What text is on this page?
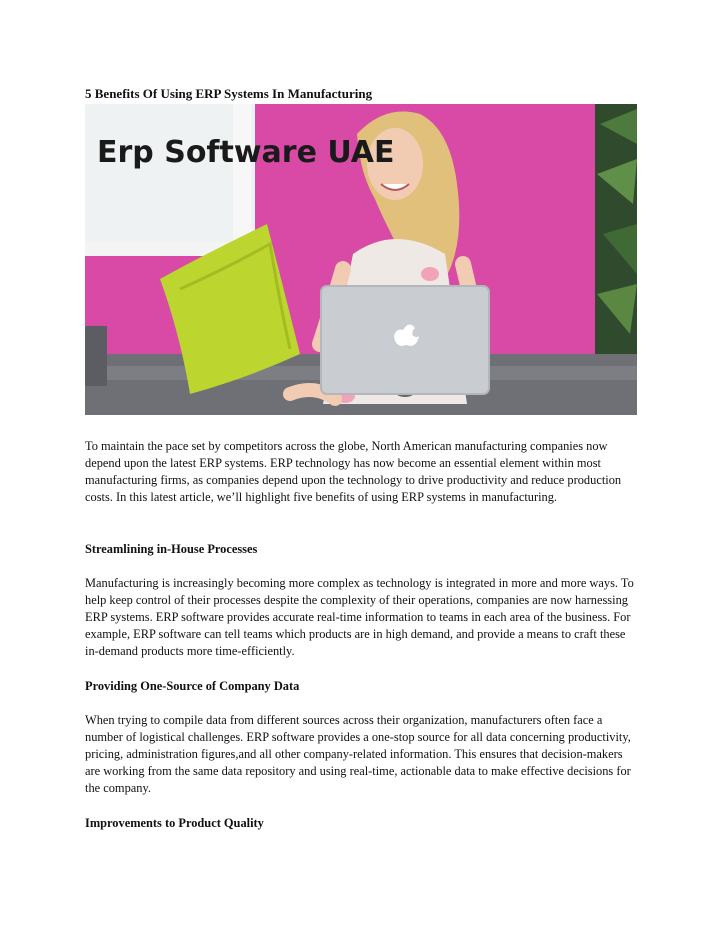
5 Benefits Of Using ERP Systems In Manufacturing
Erp Software UAE
To maintain the pace set by competitors across the globe, North American manufacturing companies now depend upon the latest ERP systems. ERP technology has now become an essential element within most manufacturing firms, as companies depend upon the technology to drive productivity and reduce production costs. In this latest article, we’ll highlight five benefits of using ERP systems in manufacturing.
Streamlining in-House Processes
Manufacturing is increasingly becoming more complex as technology is integrated in more and more ways. To help keep control of their processes despite the complexity of their operations, companies are now harnessing ERP systems. ERP software provides accurate real-time information to teams in each area of the business. For example, ERP software can tell teams which products are in high demand, and provide a means to craft these in-demand products more time-efficiently.
Providing One-Source of Company Data
When trying to compile data from different sources across their organization, manufacturers often face a number of logistical challenges. ERP software provides a one-stop source for all data concerning productivity, pricing, administration figures,and all other company-related information. This ensures that decision-makers are working from the same data repository and using real-time, actionable data to make effective decisions for the company.
Improvements to Product Quality
